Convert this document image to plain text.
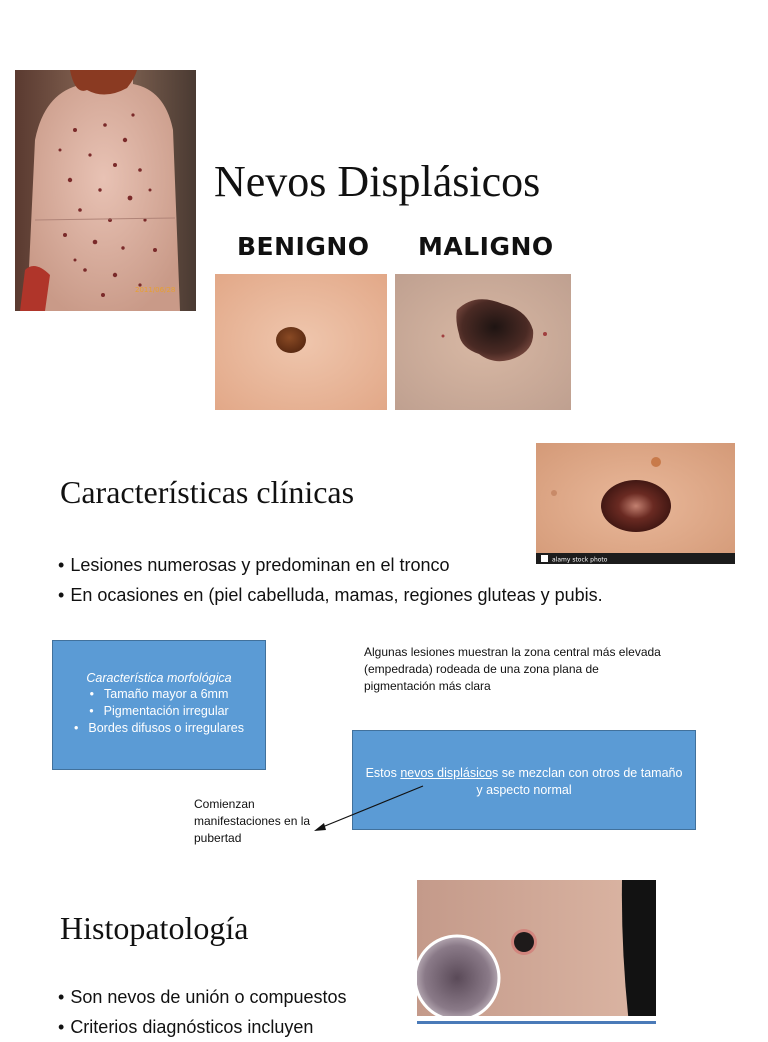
2011/06/28
Nevos Displásicos
BENIGNO MALIGNO
Características clínicas
alamy stock photo
• Lesiones numerosas y predominan en el tronco
• En ocasiones en (piel cabelluda, mamas, regiones gluteas y pubis.
Característica morfológica
• Tamaño mayor a 6mm
• Pigmentación irregular
• Bordes difusos o irregulares
Algunas lesiones muestran la zona central más elevada (empedrada) rodeada de una zona plana de pigmentación más clara
Estos nevos displásicos se mezclan con otros de tamaño y aspecto normal
Comienzan manifestaciones en la pubertad
Histopatología
• Son nevos de unión o compuestos
• Criterios diagnósticos incluyen
